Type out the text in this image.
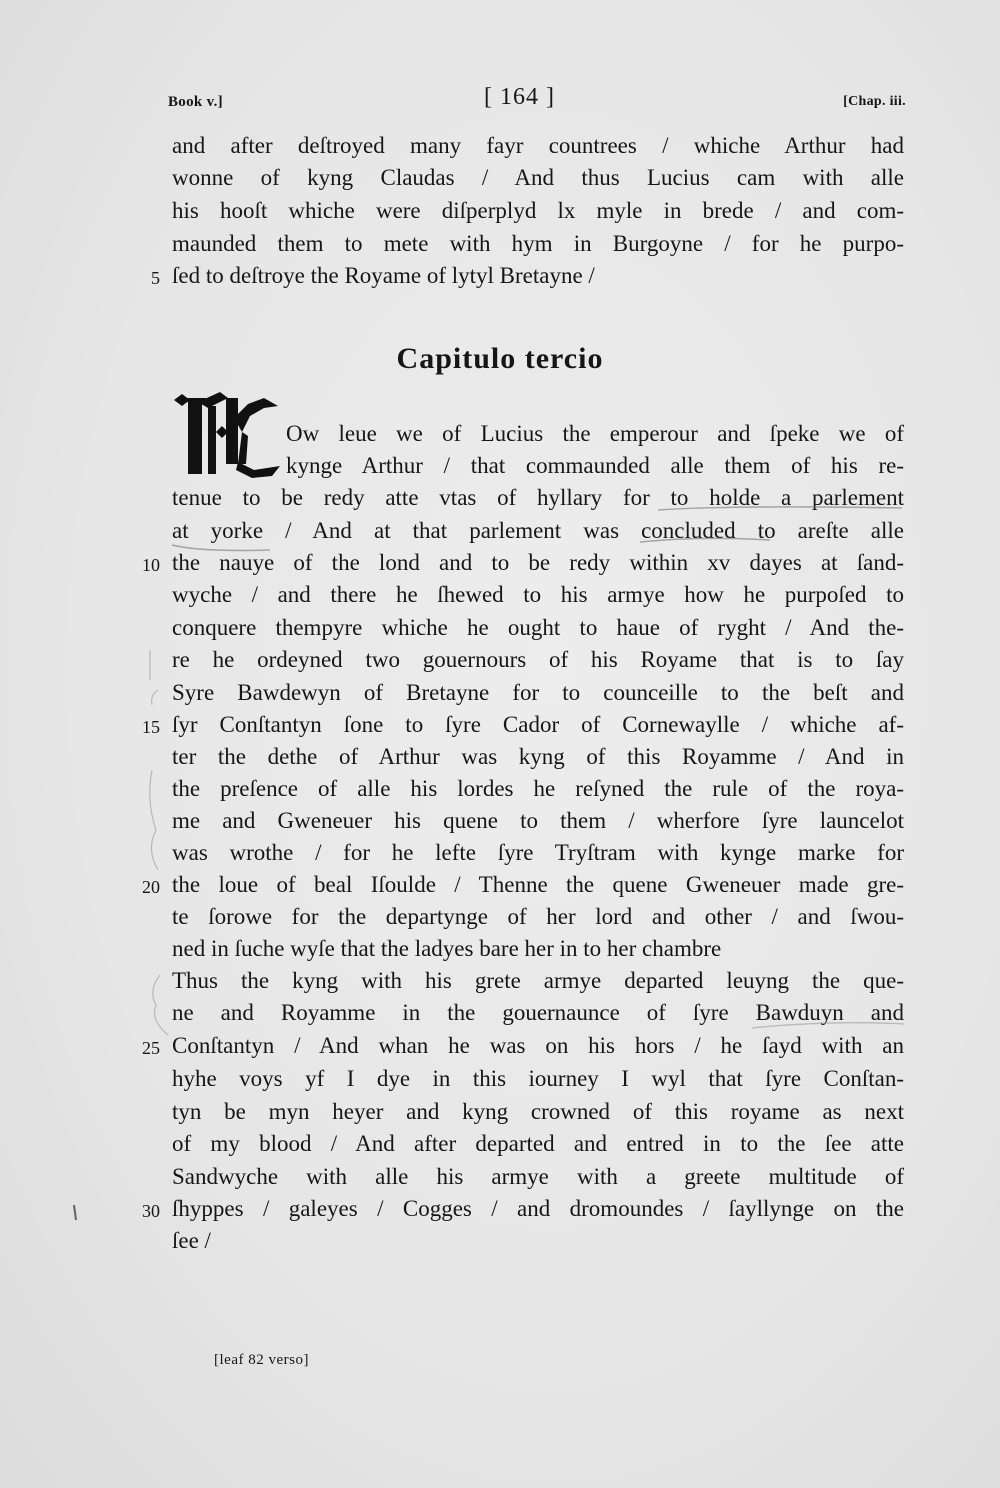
Book v.]	[ 164 ]	[Chap. iii.
and after deſtroyed many fayr countrees / whiche Arthur had
wonne of kyng Claudas / And thus Lucius cam with alle
his hooſt whiche were diſperplyd lx myle in brede / and com-
maunded them to mete with hym in Burgoyne / for he purpo-
ſed to deſtroye the Royame of lytyl Bretayne /
5
Capitulo tercio
Ow leue we of Lucius the emperour and ſpeke we of
kynge Arthur / that commaunded alle them of his re-
tenue to be redy atte vtas of hyllary for to holde a parlement
at yorke / And at that parlement was concluded to areſte alle
the nauye of the lond and to be redy within xv dayes at ſand-
10
wyche / and there he ſhewed to his armye how he purpoſed to
conquere thempyre whiche he ought to haue of ryght / And the-
re he ordeyned two gouernours of his Royame that is to ſay
Syre Bawdewyn of Bretayne for to counceille to the beſt and
ſyr Conſtantyn ſone to ſyre Cador of Cornewaylle / whiche af-
15
ter the dethe of Arthur was kyng of this Royamme / And in
the preſence of alle his lordes he reſyned the rule of the roya-
me and Gweneuer his quene to them / wherfore ſyre launcelot
was wrothe / for he lefte ſyre Tryſtram with kynge marke for
the loue of beal Iſoulde / Thenne the quene Gweneuer made gre-
20
te ſorowe for the departynge of her lord and other / and ſwou-
ned in ſuche wyſe that the ladyes bare her in to her chambre
Thus the kyng with his grete armye departed leuyng the que-
ne and Royamme in the gouernaunce of ſyre Bawduyn and
Conſtantyn / And whan he was on his hors / he ſayd with an
25
hyhe voys yf I dye in this iourney I wyl that ſyre Conſtan-
tyn be myn heyer and kyng crowned of this royame as next
of my blood / And after departed and entred in to the ſee atte
Sandwyche with alle his armye with a greete multitude of
ſhyppes / galeyes / Cogges / and dromoundes / ſayllynge on the
30
ſee /
[leaf 82 verso]
